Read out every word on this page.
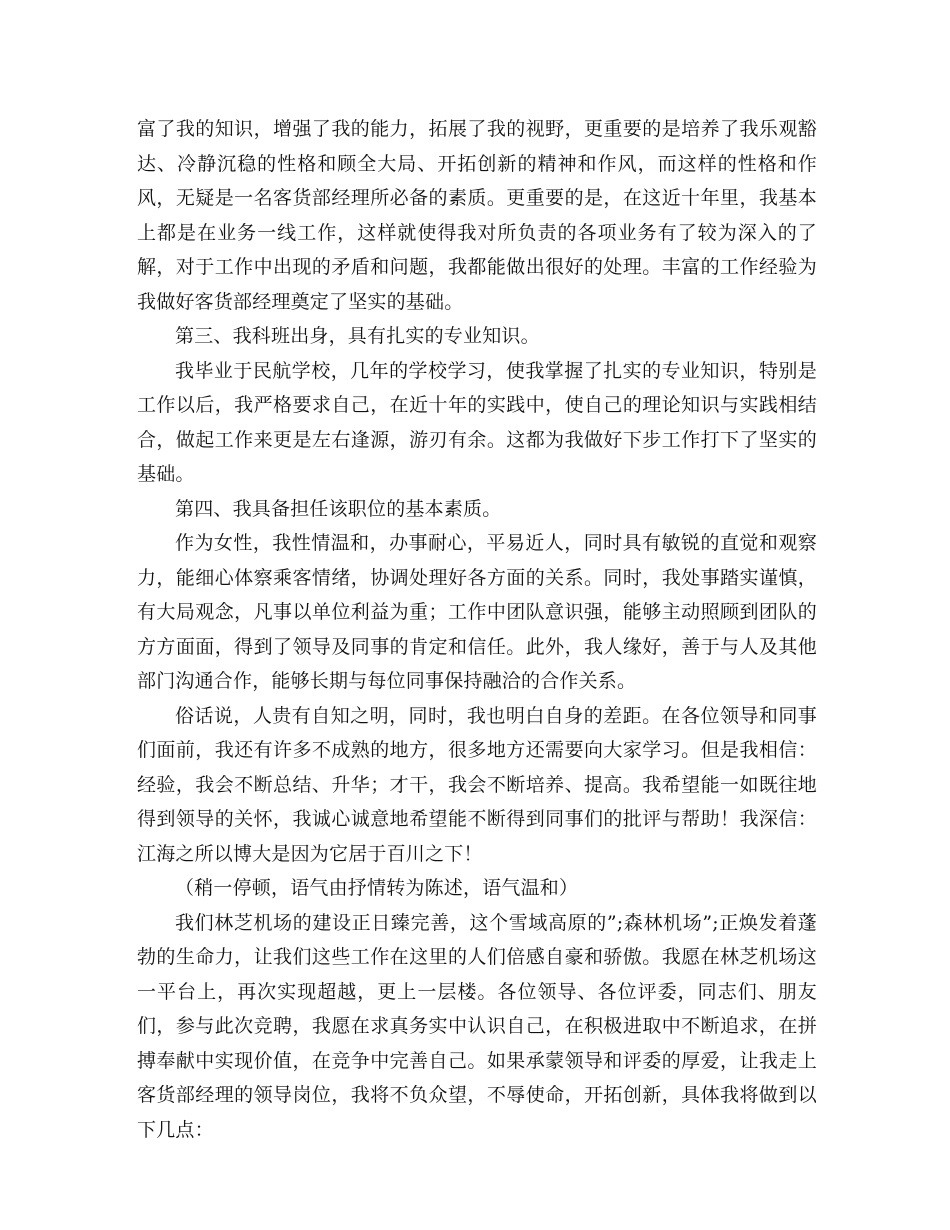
富了我的知识，增强了我的能力，拓展了我的视野，更重要的是培养了我乐观豁达、冷静沉稳的性格和顾全大局、开拓创新的精神和作风，而这样的性格和作风，无疑是一名客货部经理所必备的素质。更重要的是，在这近十年里，我基本上都是在业务一线工作，这样就使得我对所负责的各项业务有了较为深入的了解，对于工作中出现的矛盾和问题，我都能做出很好的处理。丰富的工作经验为我做好客货部经理奠定了坚实的基础。

第三、我科班出身，具有扎实的专业知识。

我毕业于民航学校，几年的学校学习，使我掌握了扎实的专业知识，特别是工作以后，我严格要求自己，在近十年的实践中，使自己的理论知识与实践相结合，做起工作来更是左右逢源，游刃有余。这都为我做好下步工作打下了坚实的基础。

第四、我具备担任该职位的基本素质。

作为女性，我性情温和，办事耐心，平易近人，同时具有敏锐的直觉和观察力，能细心体察乘客情绪，协调处理好各方面的关系。同时，我处事踏实谨慎，有大局观念，凡事以单位利益为重；工作中团队意识强，能够主动照顾到团队的方方面面，得到了领导及同事的肯定和信任。此外，我人缘好，善于与人及其他部门沟通合作，能够长期与每位同事保持融洽的合作关系。

俗话说，人贵有自知之明，同时，我也明白自身的差距。在各位领导和同事们面前，我还有许多不成熟的地方，很多地方还需要向大家学习。但是我相信：经验，我会不断总结、升华；才干，我会不断培养、提高。我希望能一如既往地得到领导的关怀，我诚心诚意地希望能不断得到同事们的批评与帮助！我深信：江海之所以博大是因为它居于百川之下！

（稍一停顿，语气由抒情转为陈述，语气温和）

我们林芝机场的建设正日臻完善，这个雪域高原的”;森林机场”;正焕发着蓬勃的生命力，让我们这些工作在这里的人们倍感自豪和骄傲。我愿在林芝机场这一平台上，再次实现超越，更上一层楼。各位领导、各位评委，同志们、朋友们，参与此次竞聘，我愿在求真务实中认识自己，在积极进取中不断追求，在拼搏奉献中实现价值，在竞争中完善自己。如果承蒙领导和评委的厚爱，让我走上客货部经理的领导岗位，我将不负众望，不辱使命，开拓创新，具体我将做到以下几点：
